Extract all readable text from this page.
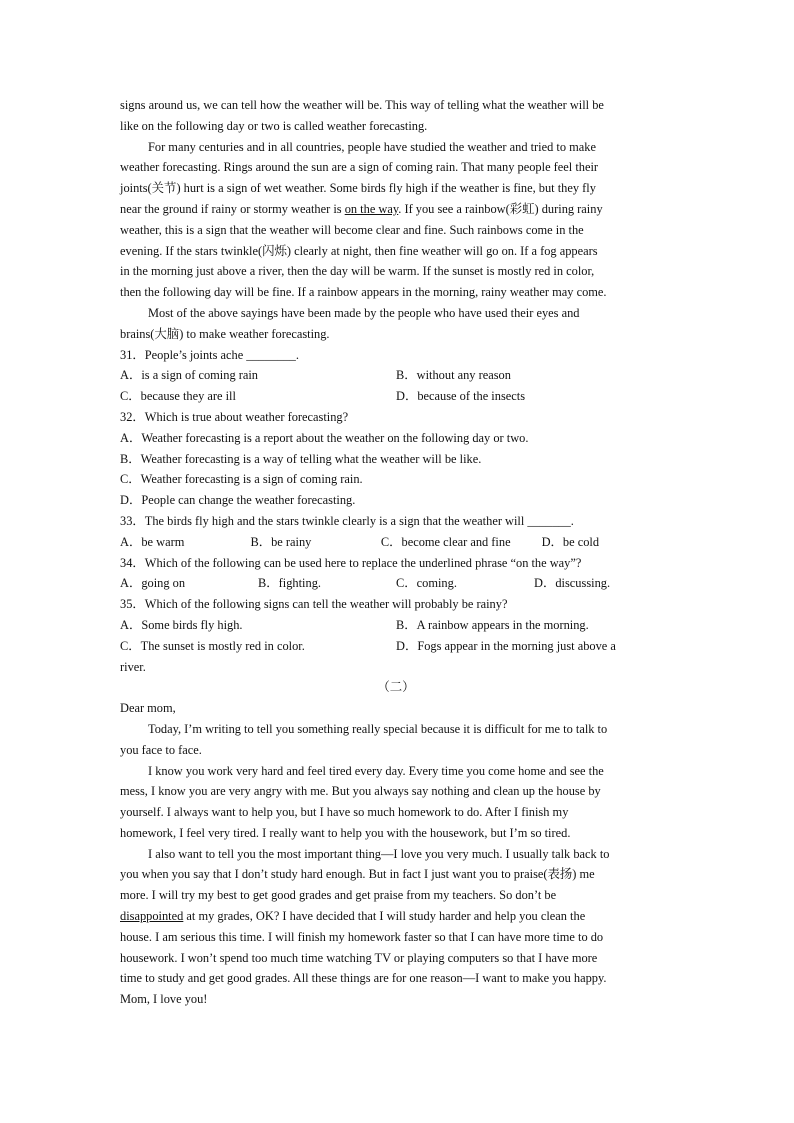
signs around us, we can tell how the weather will be. This way of telling what the weather will be
like on the following day or two is called weather forecasting.
For many centuries and in all countries, people have studied the weather and tried to make
weather forecasting. Rings around the sun are a sign of coming rain. That many people feel their
joints(关节) hurt is a sign of wet weather. Some birds fly high if the weather is fine, but they fly
near the ground if rainy or stormy weather is on the way. If you see a rainbow(彩虹) during rainy
weather, this is a sign that the weather will become clear and fine. Such rainbows come in the
evening. If the stars twinkle(闪烁) clearly at night, then fine weather will go on. If a fog appears
in the morning just above a river, then the day will be warm. If the sunset is mostly red in color,
then the following day will be fine. If a rainbow appears in the morning, rainy weather may come.
Most of the above sayings have been made by the people who have used their eyes and
brains(大脑) to make weather forecasting.

31．People’s joints ache ________.

A．is a sign of coming rain	B．without any reason
C．because they are ill	D．because of the insects

32．Which is true about weather forecasting?

A．Weather forecasting is a report about the weather on the following day or two.

B．Weather forecasting is a way of telling what the weather will be like.

C．Weather forecasting is a sign of coming rain.

D．People can change the weather forecasting.

33．The birds fly high and the stars twinkle clearly is a sign that the weather will _______.

A．be warm	B．be rainy	C．become clear and fine	D．be cold

34．Which of the following can be used here to replace the underlined phrase “on the way”?

A．going on	B．fighting.	C．coming.	D．discussing.

35．Which of the following signs can tell the weather will probably be rainy?

A．Some birds fly high.	B．A rainbow appears in the morning.
C．The sunset is mostly red in color.	D．Fogs appear in the morning just above a

river.

（二）

Dear mom,

Today, I’m writing to tell you something really special because it is difficult for me to talk to
you face to face.
I know you work very hard and feel tired every day. Every time you come home and see the
mess, I know you are very angry with me. But you always say nothing and clean up the house by
yourself. I always want to help you, but I have so much homework to do. After I finish my
homework, I feel very tired. I really want to help you with the housework, but I’m so tired.
I also want to tell you the most important thing—I love you very much. I usually talk back to
you when you say that I don’t study hard enough. But in fact I just want you to praise(表扬) me
more. I will try my best to get good grades and get praise from my teachers. So don’t be
disappointed at my grades, OK? I have decided that I will study harder and help you clean the
house. I am serious this time. I will finish my homework faster so that I can have more time to do
housework. I won’t spend too much time watching TV or playing computers so that I have more
time to study and get good grades. All these things are for one reason—I want to make you happy.
Mom, I love you!
